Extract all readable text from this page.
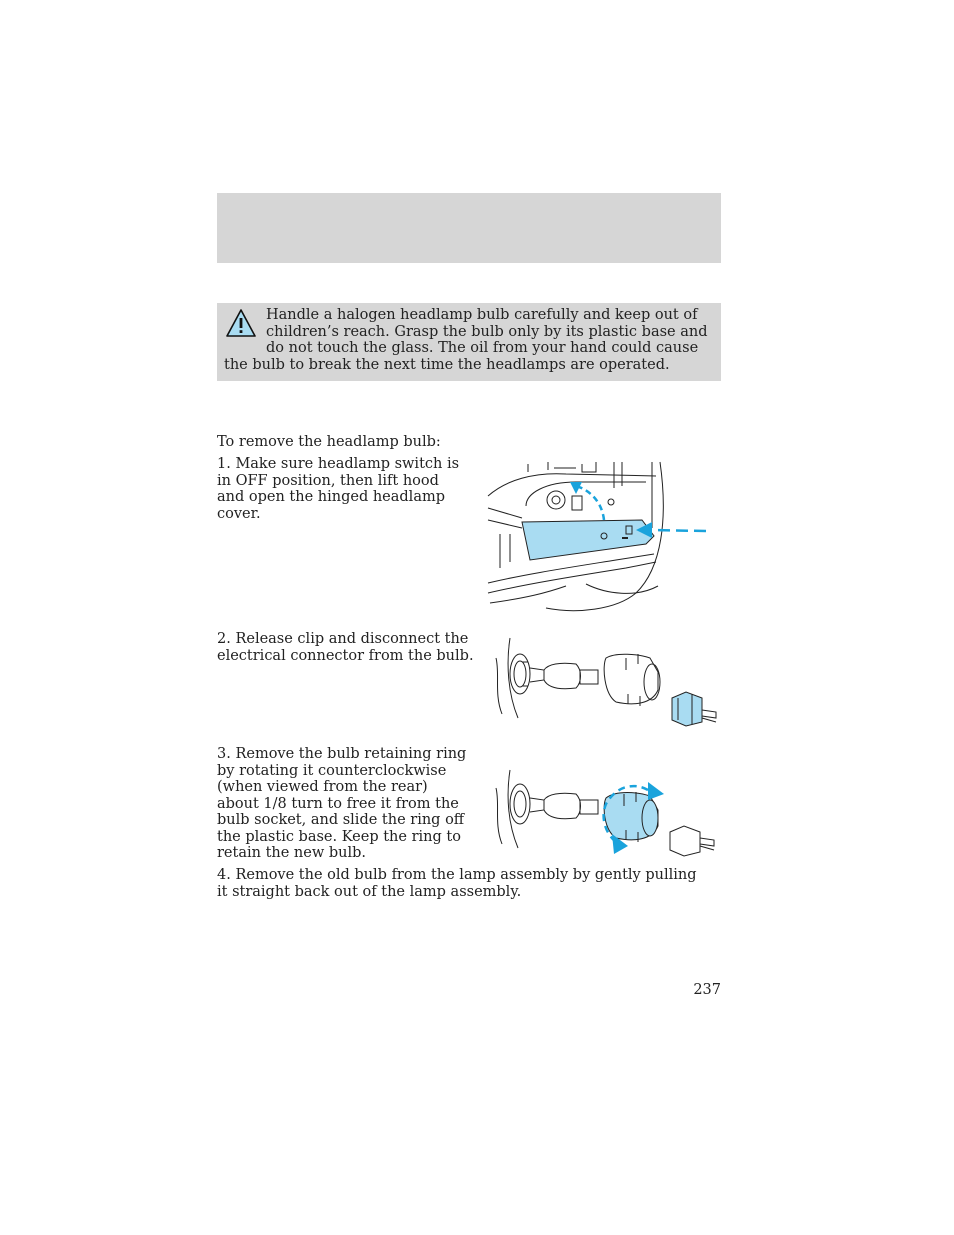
Handle a halogen headlamp bulb carefully and keep out of children’s reach. Grasp the bulb only by its plastic base and do not touch the glass. The oil from your hand could cause the bulb to break the next time the headlamps are operated.

To remove the headlamp bulb:

1. Make sure headlamp switch is in OFF position, then lift hood and open the hinged headlamp cover.

2. Release clip and disconnect the electrical connector from the bulb.

3. Remove the bulb retaining ring by rotating it counterclockwise (when viewed from the rear) about 1/8 turn to free it from the bulb socket, and slide the ring off the plastic base. Keep the ring to retain the new bulb.

4. Remove the old bulb from the lamp assembly by gently pulling it straight back out of the lamp assembly.

237
